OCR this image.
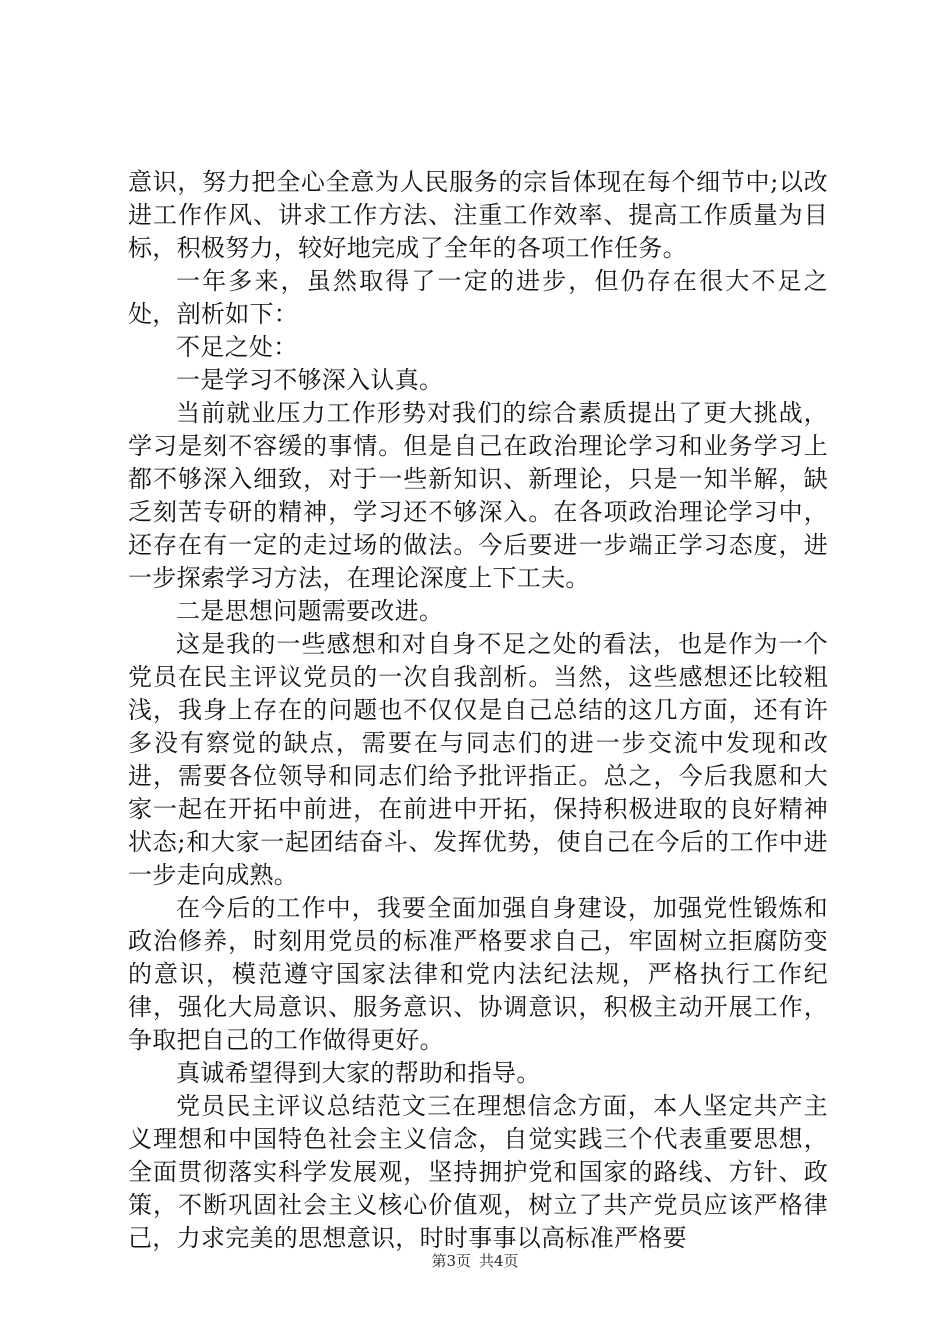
意识，努力把全心全意为人民服务的宗旨体现在每个细节中;以改进工作作风、讲求工作方法、注重工作效率、提高工作质量为目标，积极努力，较好地完成了全年的各项工作任务。

一年多来，虽然取得了一定的进步，但仍存在很大不足之处，剖析如下：

不足之处：

一是学习不够深入认真。

当前就业压力工作形势对我们的综合素质提出了更大挑战，学习是刻不容缓的事情。但是自己在政治理论学习和业务学习上都不够深入细致，对于一些新知识、新理论，只是一知半解，缺乏刻苦专研的精神，学习还不够深入。在各项政治理论学习中，还存在有一定的走过场的做法。今后要进一步端正学习态度，进一步探索学习方法，在理论深度上下工夫。

二是思想问题需要改进。

这是我的一些感想和对自身不足之处的看法，也是作为一个党员在民主评议党员的一次自我剖析。当然，这些感想还比较粗浅，我身上存在的问题也不仅仅是自己总结的这几方面，还有许多没有察觉的缺点，需要在与同志们的进一步交流中发现和改进，需要各位领导和同志们给予批评指正。总之，今后我愿和大家一起在开拓中前进，在前进中开拓，保持积极进取的良好精神状态;和大家一起团结奋斗、发挥优势，使自己在今后的工作中进一步走向成熟。

在今后的工作中，我要全面加强自身建设，加强党性锻炼和政治修养，时刻用党员的标准严格要求自己，牢固树立拒腐防变的意识，模范遵守国家法律和党内法纪法规，严格执行工作纪律，强化大局意识、服务意识、协调意识，积极主动开展工作，争取把自己的工作做得更好。

真诚希望得到大家的帮助和指导。

党员民主评议总结范文三在理想信念方面，本人坚定共产主义理想和中国特色社会主义信念，自觉实践三个代表重要思想，全面贯彻落实科学发展观，坚持拥护党和国家的路线、方针、政策，不断巩固社会主义核心价值观，树立了共产党员应该严格律己，力求完美的思想意识，时时事事以高标准严格要

第3页 共4页
